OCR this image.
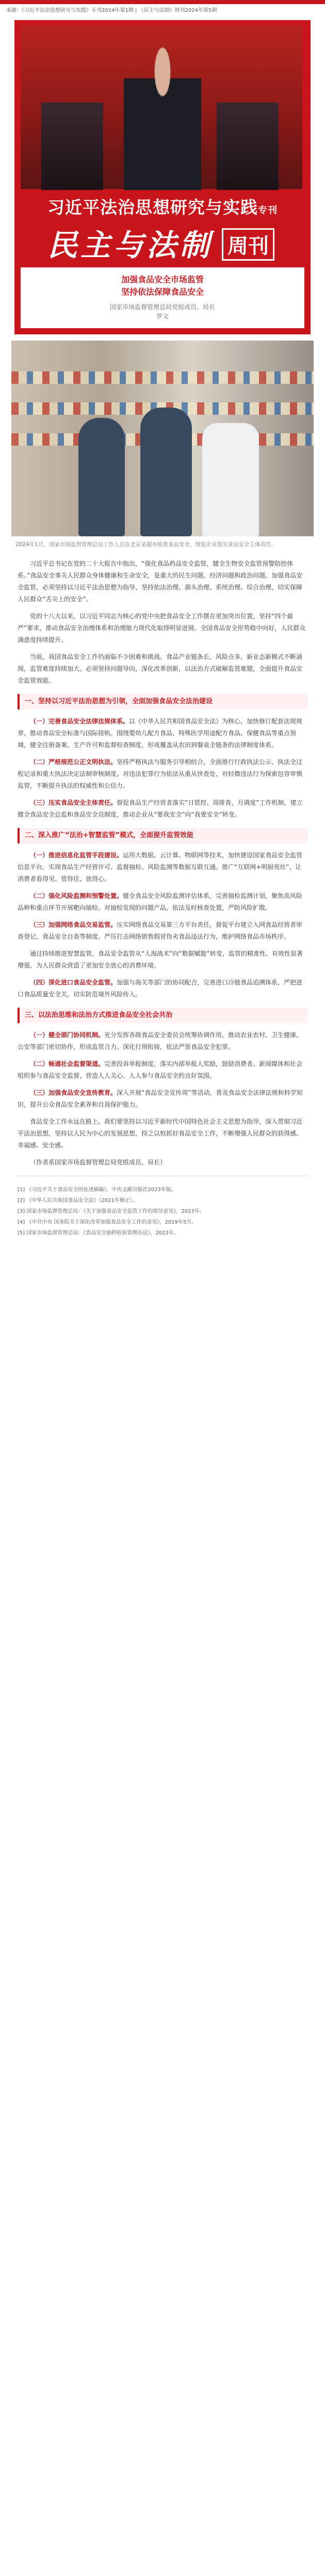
来源：《习近平法治思想研究与实践》专刊2024年第1期 | 《民主与法制》周刊2024年第5期
习近平法治思想研究与实践专刊
民主与法制 周刊
加强食品安全市场监管
坚持依法保障食品安全
国家市场监督管理总局党组成员、局长
罗文
2024年1月，国家市场监督管理总局工作人员在北京某超市检查食品安全，督促企业落实食品安全主体责任。

习近平总书记在党的二十大报告中指出，“强化食品药品安全监管，健全生物安全监管预警防控体系。”食品安全事关人民群众身体健康和生命安全，是重大的民生问题、经济问题和政治问题。加强食品安全监管，必须坚持以习近平法治思想为指导，坚持依法治理、源头治理、系统治理、综合治理，切实保障人民群众“舌尖上的安全”。

党的十八大以来，以习近平同志为核心的党中央把食品安全工作摆在更加突出位置，坚持“四个最严”要求，推动食品安全治理体系和治理能力现代化取得明显进展。全国食品安全形势稳中向好，人民群众满意度持续提升。

当前，我国食品安全工作仍面临不少困难和挑战。食品产业链条长、风险点多，新业态新模式不断涌现，监管难度持续加大。必须坚持问题导向，深化改革创新，以法治方式破解监管难题，全面提升食品安全监管效能。

一、坚持以习近平法治思想为引领，全面加强食品安全法治建设

（一）完善食品安全法律法规体系。以《中华人民共和国食品安全法》为核心，加快修订配套法规规章，推动食品安全标准与国际接轨。围绕婴幼儿配方食品、特殊医学用途配方食品、保健食品等重点领域，健全注册备案、生产许可和监督检查制度，形成覆盖从农田到餐桌全链条的法律制度体系。

（二）严格规范公正文明执法。坚持严格执法与服务引导相结合，全面推行行政执法公示、执法全过程记录和重大执法决定法制审核制度。对违法犯罪行为依法从重从快查处，对轻微违法行为探索包容审慎监管，不断提升执法的权威性和公信力。

（三）压实食品安全主体责任。督促食品生产经营者落实“日管控、周排查、月调度”工作机制，建立健全食品安全总监和食品安全员制度，推动企业从“要我安全”向“我要安全”转变。

二、深入推广“法治+智慧监管”模式，全面提升监管效能

（一）推进信息化监管手段建设。运用大数据、云计算、物联网等技术，加快建设国家食品安全监管信息平台，实现食品生产经营许可、监督抽检、风险监测等数据互联互通。推广“互联网+明厨亮灶”，让消费者看得见、管得住、放得心。

（二）强化风险监测和预警处置。健全食品安全风险监测评估体系，完善抽检监测计划，聚焦高风险品种和重点环节开展靶向抽检。对抽检发现的问题产品，依法及时核查处置，严防风险扩散。

（三）加强网络食品交易监管。压实网络食品交易第三方平台责任，督促平台建立入网食品经营者审查登记、食品安全自查等制度。严厉打击网络销售假冒伪劣食品违法行为，维护网络食品市场秩序。

通过持续推进智慧监管，食品安全监管从“人海战术”向“数据赋能”转变，监管的精准性、有效性显著增强，为人民群众营造了更加安全放心的消费环境。

（四）深化进口食品安全监管。加强与海关等部门的协同配合，完善进口冷链食品追溯体系，严把进口食品质量安全关，切实防范境外风险传入。

三、以法治思维和法治方式推进食品安全社会共治

（一）健全部门协同机制。充分发挥各级食品安全委员会统筹协调作用，推动农业农村、卫生健康、公安等部门密切协作，形成监管合力。深化行刑衔接，依法严惩食品安全犯罪。

（二）畅通社会监督渠道。完善投诉举报制度，落实内部举报人奖励，鼓励消费者、新闻媒体和社会组织参与食品安全监督，营造人人关心、人人参与食品安全的良好氛围。

（三）加强食品安全宣传教育。深入开展“食品安全宣传周”等活动，普及食品安全法律法规和科学知识，提升公众食品安全素养和自我保护能力。

食品安全工作永远在路上。我们要坚持以习近平新时代中国特色社会主义思想为指导，深入贯彻习近平法治思想，坚持以人民为中心的发展思想，持之以恒抓好食品安全工作，不断增强人民群众的获得感、幸福感、安全感。

（作者系国家市场监督管理总局党组成员、局长）

[1] 《习近平关于食品安全的论述摘编》，中央文献出版社2023年版。
[2] 《中华人民共和国食品安全法》（2021年修正）。
[3] 国家市场监督管理总局：《关于加强食品安全监管工作的指导意见》，2023年。
[4] 《中共中央 国务院关于深化改革加强食品安全工作的意见》，2019年5月。
[5] 国家市场监督管理总局：《食品安全抽样检验管理办法》，2023年。
